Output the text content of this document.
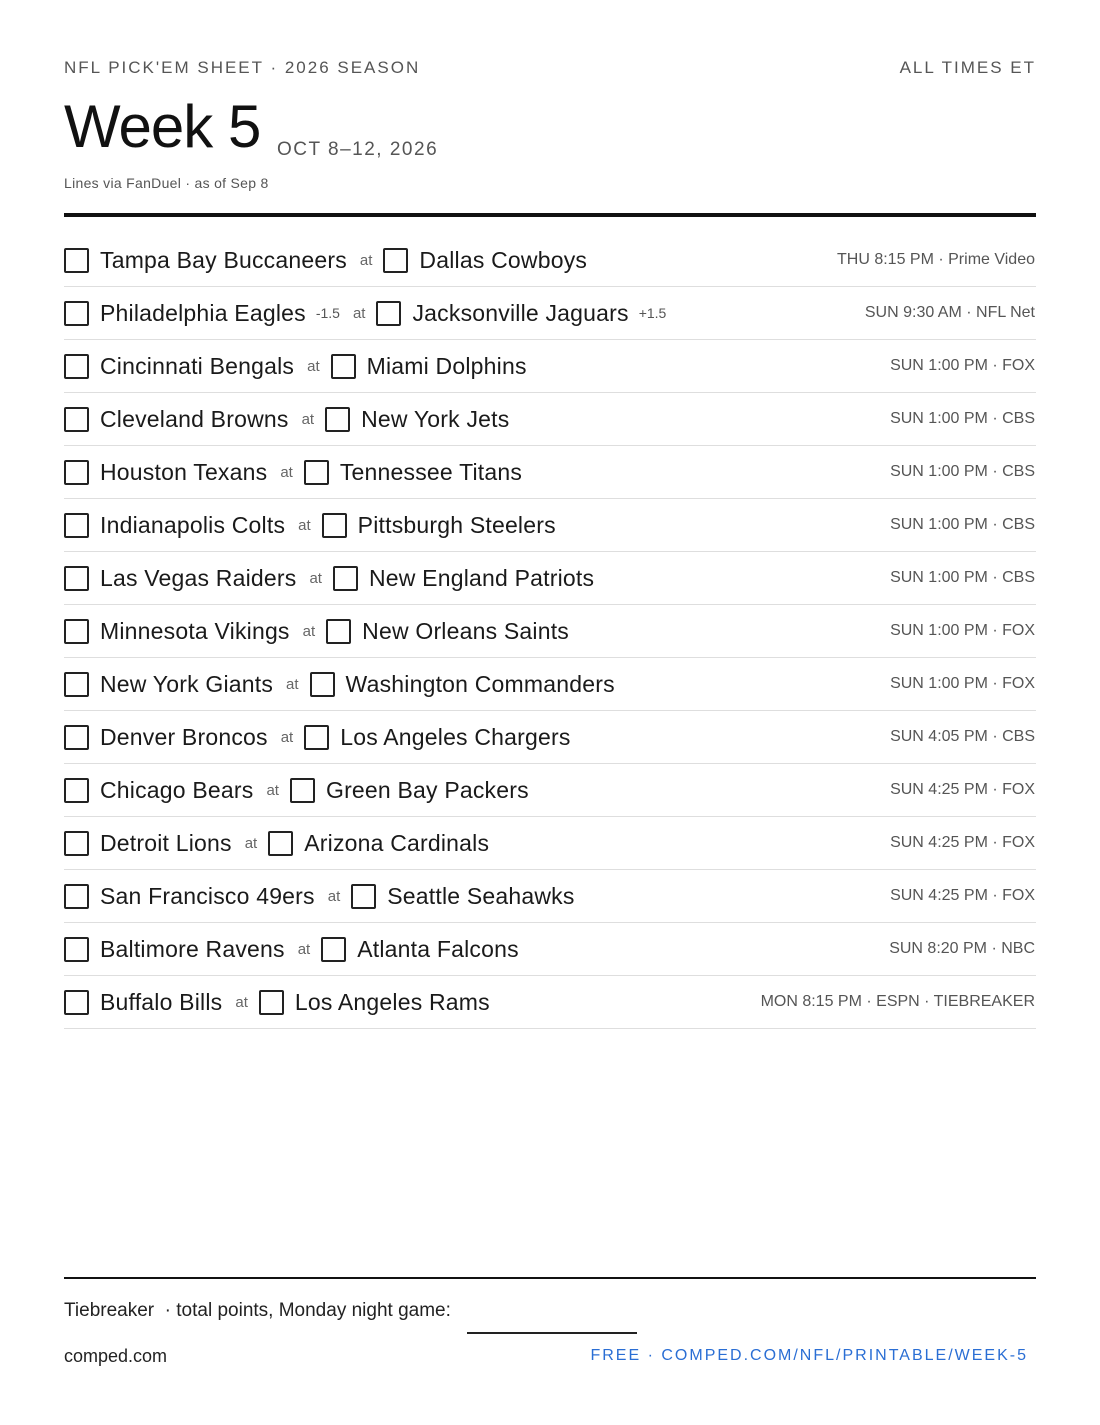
NFL PICK'EM SHEET · 2026 SEASON	ALL TIMES ET
Week 5 OCT 8–12, 2026
Lines via FanDuel · as of Sep 8
Tampa Bay Buccaneers at Dallas Cowboys	THU 8:15 PM · Prime Video
Philadelphia Eagles -1.5 at Jacksonville Jaguars +1.5	SUN 9:30 AM · NFL Net
Cincinnati Bengals at Miami Dolphins	SUN 1:00 PM · FOX
Cleveland Browns at New York Jets	SUN 1:00 PM · CBS
Houston Texans at Tennessee Titans	SUN 1:00 PM · CBS
Indianapolis Colts at Pittsburgh Steelers	SUN 1:00 PM · CBS
Las Vegas Raiders at New England Patriots	SUN 1:00 PM · CBS
Minnesota Vikings at New Orleans Saints	SUN 1:00 PM · FOX
New York Giants at Washington Commanders	SUN 1:00 PM · FOX
Denver Broncos at Los Angeles Chargers	SUN 4:05 PM · CBS
Chicago Bears at Green Bay Packers	SUN 4:25 PM · FOX
Detroit Lions at Arizona Cardinals	SUN 4:25 PM · FOX
San Francisco 49ers at Seattle Seahawks	SUN 4:25 PM · FOX
Baltimore Ravens at Atlanta Falcons	SUN 8:20 PM · NBC
Buffalo Bills at Los Angeles Rams	MON 8:15 PM · ESPN · TIEBREAKER
Tiebreaker  · total points, Monday night game:
comped.com	FREE · COMPED.COM/NFL/PRINTABLE/WEEK-5
